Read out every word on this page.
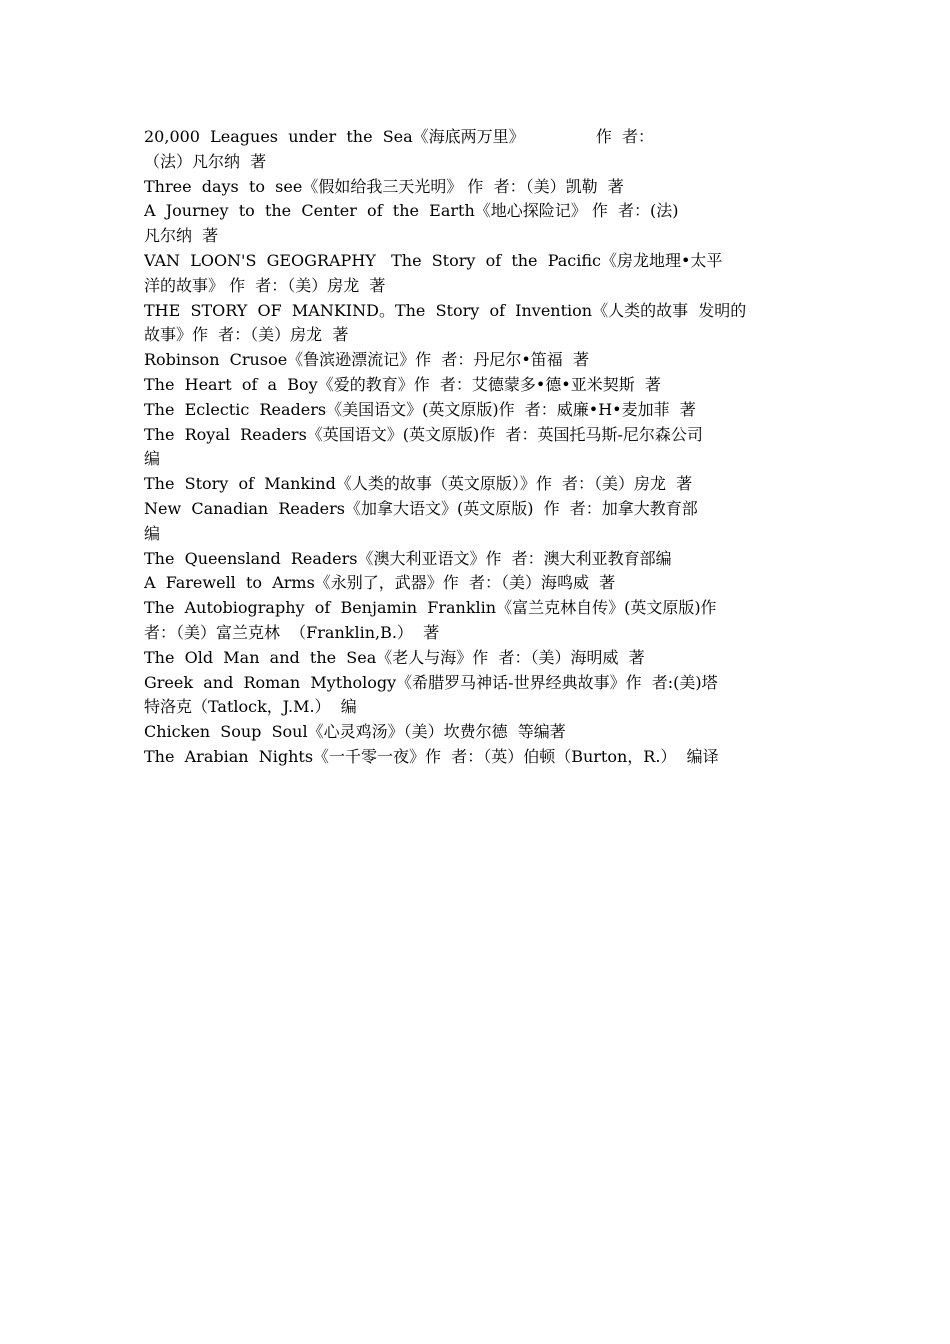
20,000  Leagues  under  the  Sea《海底两万里》              作  者：
（法）凡尔纳  著
Three  days  to  see《假如给我三天光明》 作  者：（美）凯勒  著
A  Journey  to  the  Center  of  the  Earth《地心探险记》 作  者：(法)
凡尔纳  著
VAN  LOON'S  GEOGRAPHY   The  Story  of  the  Pacific《房龙地理•太平
洋的故事》 作  者：（美）房龙  著
THE  STORY  OF  MANKIND。The  Story  of  Invention《人类的故事  发明的
故事》作  者：（美）房龙  著
Robinson  Crusoe《鲁滨逊漂流记》作  者：丹尼尔•笛福  著
The  Heart  of  a  Boy《爱的教育》作  者：艾德蒙多•德•亚米契斯  著
The  Eclectic  Readers《美国语文》(英文原版)作  者：威廉•H•麦加菲  著
The  Royal  Readers《英国语文》(英文原版)作  者：英国托马斯-尼尔森公司
编
The  Story  of  Mankind《人类的故事（英文原版）》作  者：（美）房龙  著
New  Canadian  Readers《加拿大语文》(英文原版)  作  者：加拿大教育部
编
The  Queensland  Readers《澳大利亚语文》作  者：澳大利亚教育部编
A  Farewell  to  Arms《永别了，武器》作  者：（美）海鸣威  著
The  Autobiography  of  Benjamin  Franklin《富兰克林自传》(英文原版)作
者：（美）富兰克林  （Franklin,B.）  著
The  Old  Man  and  the  Sea《老人与海》作  者：（美）海明威  著
Greek  and  Roman  Mythology《希腊罗马神话-世界经典故事》作  者:(美)塔
特洛克（Tatlock，J.M.）  编
Chicken  Soup  Soul《心灵鸡汤》（美）坎费尔德  等编著
The  Arabian  Nights《一千零一夜》作  者：（英）伯顿（Burton，R.）  编译
